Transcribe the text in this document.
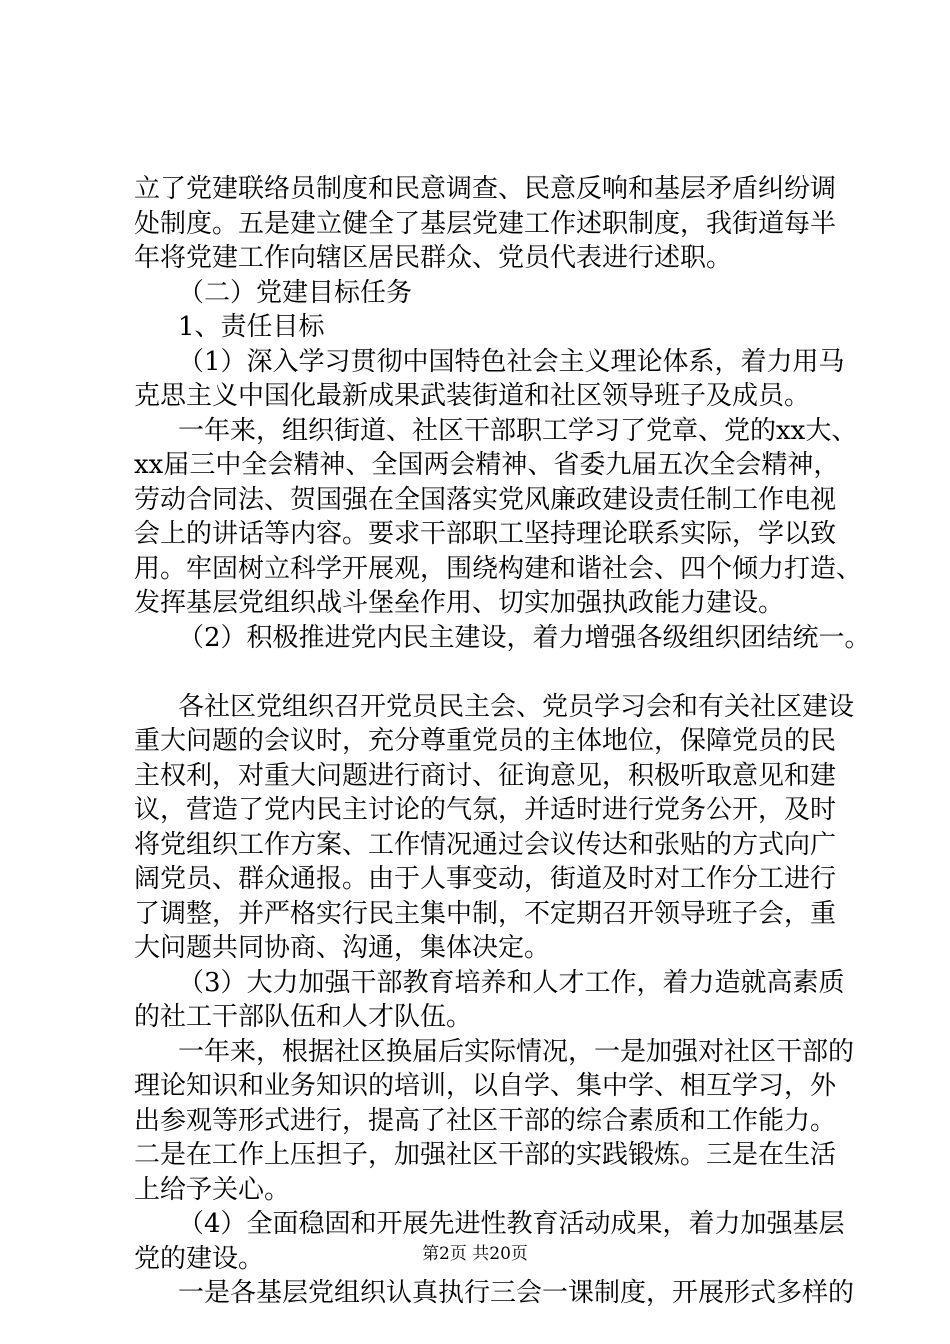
立了党建联络员制度和民意调查、民意反响和基层矛盾纠纷调
处制度。五是建立健全了基层党建工作述职制度，我街道每半
年将党建工作向辖区居民群众、党员代表进行述职。
（二）党建目标任务
1、责任目标
（1）深入学习贯彻中国特色社会主义理论体系，着力用马
克思主义中国化最新成果武装街道和社区领导班子及成员。
一年来，组织街道、社区干部职工学习了党章、党的xx大、
xx届三中全会精神、全国两会精神、省委九届五次全会精神，
劳动合同法、贺国强在全国落实党风廉政建设责任制工作电视
会上的讲话等内容。要求干部职工坚持理论联系实际，学以致
用。牢固树立科学开展观，围绕构建和谐社会、四个倾力打造、
发挥基层党组织战斗堡垒作用、切实加强执政能力建设。
（2）积极推进党内民主建设，着力增强各级组织团结统一。
各社区党组织召开党员民主会、党员学习会和有关社区建设
重大问题的会议时，充分尊重党员的主体地位，保障党员的民
主权利，对重大问题进行商讨、征询意见，积极听取意见和建
议，营造了党内民主讨论的气氛，并适时进行党务公开，及时
将党组织工作方案、工作情况通过会议传达和张贴的方式向广
阔党员、群众通报。由于人事变动，街道及时对工作分工进行
了调整，并严格实行民主集中制，不定期召开领导班子会，重
大问题共同协商、沟通，集体决定。
（3）大力加强干部教育培养和人才工作，着力造就高素质
的社工干部队伍和人才队伍。
一年来，根据社区换届后实际情况，一是加强对社区干部的
理论知识和业务知识的培训，以自学、集中学、相互学习，外
出参观等形式进行，提高了社区干部的综合素质和工作能力。
二是在工作上压担子，加强社区干部的实践锻炼。三是在生活
上给予关心。
（4）全面稳固和开展先进性教育活动成果，着力加强基层
党的建设。
一是各基层党组织认真执行三会一课制度，开展形式多样的
第2页 共20页
